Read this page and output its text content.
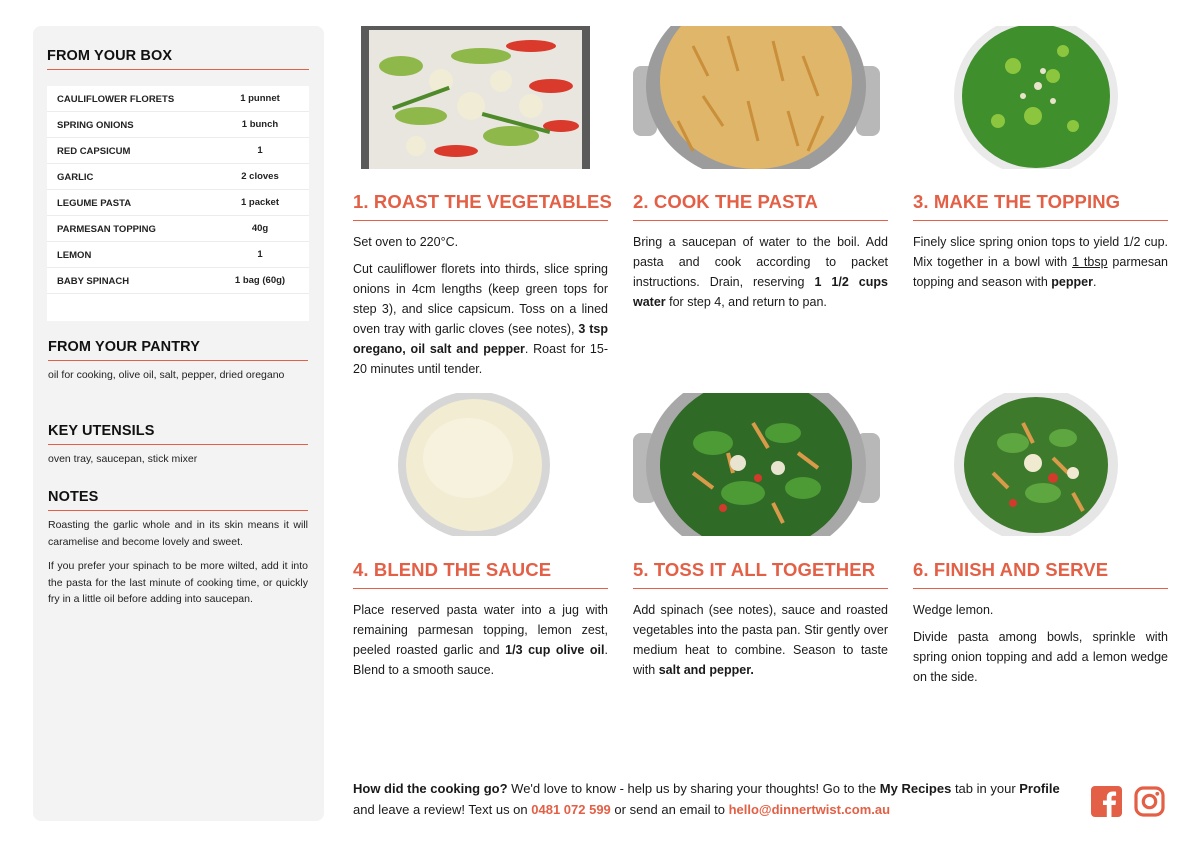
FROM YOUR BOX
CAULIFLOWER FLORETS	1 punnet
SPRING ONIONS	1 bunch
RED CAPSICUM	1
GARLIC	2 cloves
LEGUME PASTA	1 packet
PARMESAN TOPPING	40g
LEMON	1
BABY SPINACH	1 bag (60g)
FROM YOUR PANTRY
oil for cooking, olive oil, salt, pepper, dried oregano
KEY UTENSILS
oven tray, saucepan, stick mixer
NOTES

Roasting the garlic whole and in its skin means it will caramelise and become lovely and sweet.

If you prefer your spinach to be more wilted, add it into the pasta for the last minute of cooking time, or quickly fry in a little oil before adding into saucepan.

1. ROAST THE VEGETABLES

Set oven to 220°C.

Cut cauliflower florets into thirds, slice spring onions in 4cm lengths (keep green tops for step 3), and slice capsicum. Toss on a lined oven tray with garlic cloves (see notes), 3 tsp oregano, oil salt and pepper. Roast for 15-20 minutes until tender.

2. COOK THE PASTA

Bring a saucepan of water to the boil. Add pasta and cook according to packet instructions. Drain, reserving 1 1/2 cups water for step 4, and return to pan.

3. MAKE THE TOPPING

Finely slice spring onion tops to yield 1/2 cup. Mix together in a bowl with 1 tbsp parmesan topping and season with pepper.

4. BLEND THE SAUCE

Place reserved pasta water into a jug with remaining parmesan topping, lemon zest, peeled roasted garlic and 1/3 cup olive oil. Blend to a smooth sauce.

5. TOSS IT ALL TOGETHER

Add spinach (see notes), sauce and roasted vegetables into the pasta pan. Stir gently over medium heat to combine. Season to taste with salt and pepper.

6. FINISH AND SERVE

Wedge lemon.

Divide pasta among bowls, sprinkle with spring onion topping and add a lemon wedge on the side.

How did the cooking go? We'd love to know - help us by sharing your thoughts! Go to the My Recipes tab in your Profile and leave a review! Text us on 0481 072 599 or send an email to hello@dinnertwist.com.au
